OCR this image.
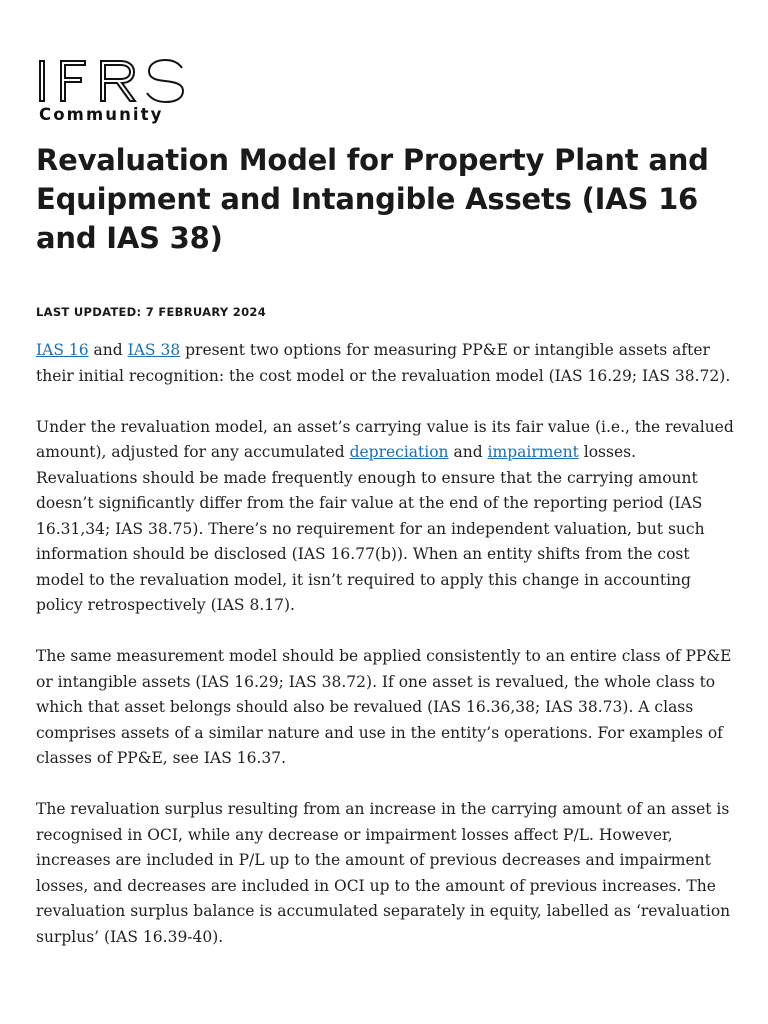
Community
Revaluation Model for Property Plant and Equipment and Intangible Assets (IAS 16 and IAS 38)

LAST UPDATED: 7 FEBRUARY 2024

IAS 16 and IAS 38 present two options for measuring PP&E or intangible assets after their initial recognition: the cost model or the revaluation model (IAS 16.29; IAS 38.72).

Under the revaluation model, an asset’s carrying value is its fair value (i.e., the revalued amount), adjusted for any accumulated depreciation and impairment losses. Revaluations should be made frequently enough to ensure that the carrying amount doesn’t significantly differ from the fair value at the end of the reporting period (IAS 16.31,34; IAS 38.75). There’s no requirement for an independent valuation, but such information should be disclosed (IAS 16.77(b)). When an entity shifts from the cost model to the revaluation model, it isn’t required to apply this change in accounting policy retrospectively (IAS 8.17).

The same measurement model should be applied consistently to an entire class of PP&E or intangible assets (IAS 16.29; IAS 38.72). If one asset is revalued, the whole class to which that asset belongs should also be revalued (IAS 16.36,38; IAS 38.73). A class comprises assets of a similar nature and use in the entity’s operations. For examples of classes of PP&E, see IAS 16.37.

The revaluation surplus resulting from an increase in the carrying amount of an asset is recognised in OCI, while any decrease or impairment losses affect P/L. However, increases are included in P/L up to the amount of previous decreases and impairment losses, and decreases are included in OCI up to the amount of previous increases. The revaluation surplus balance is accumulated separately in equity, labelled as ‘revaluation surplus’ (IAS 16.39-40).
